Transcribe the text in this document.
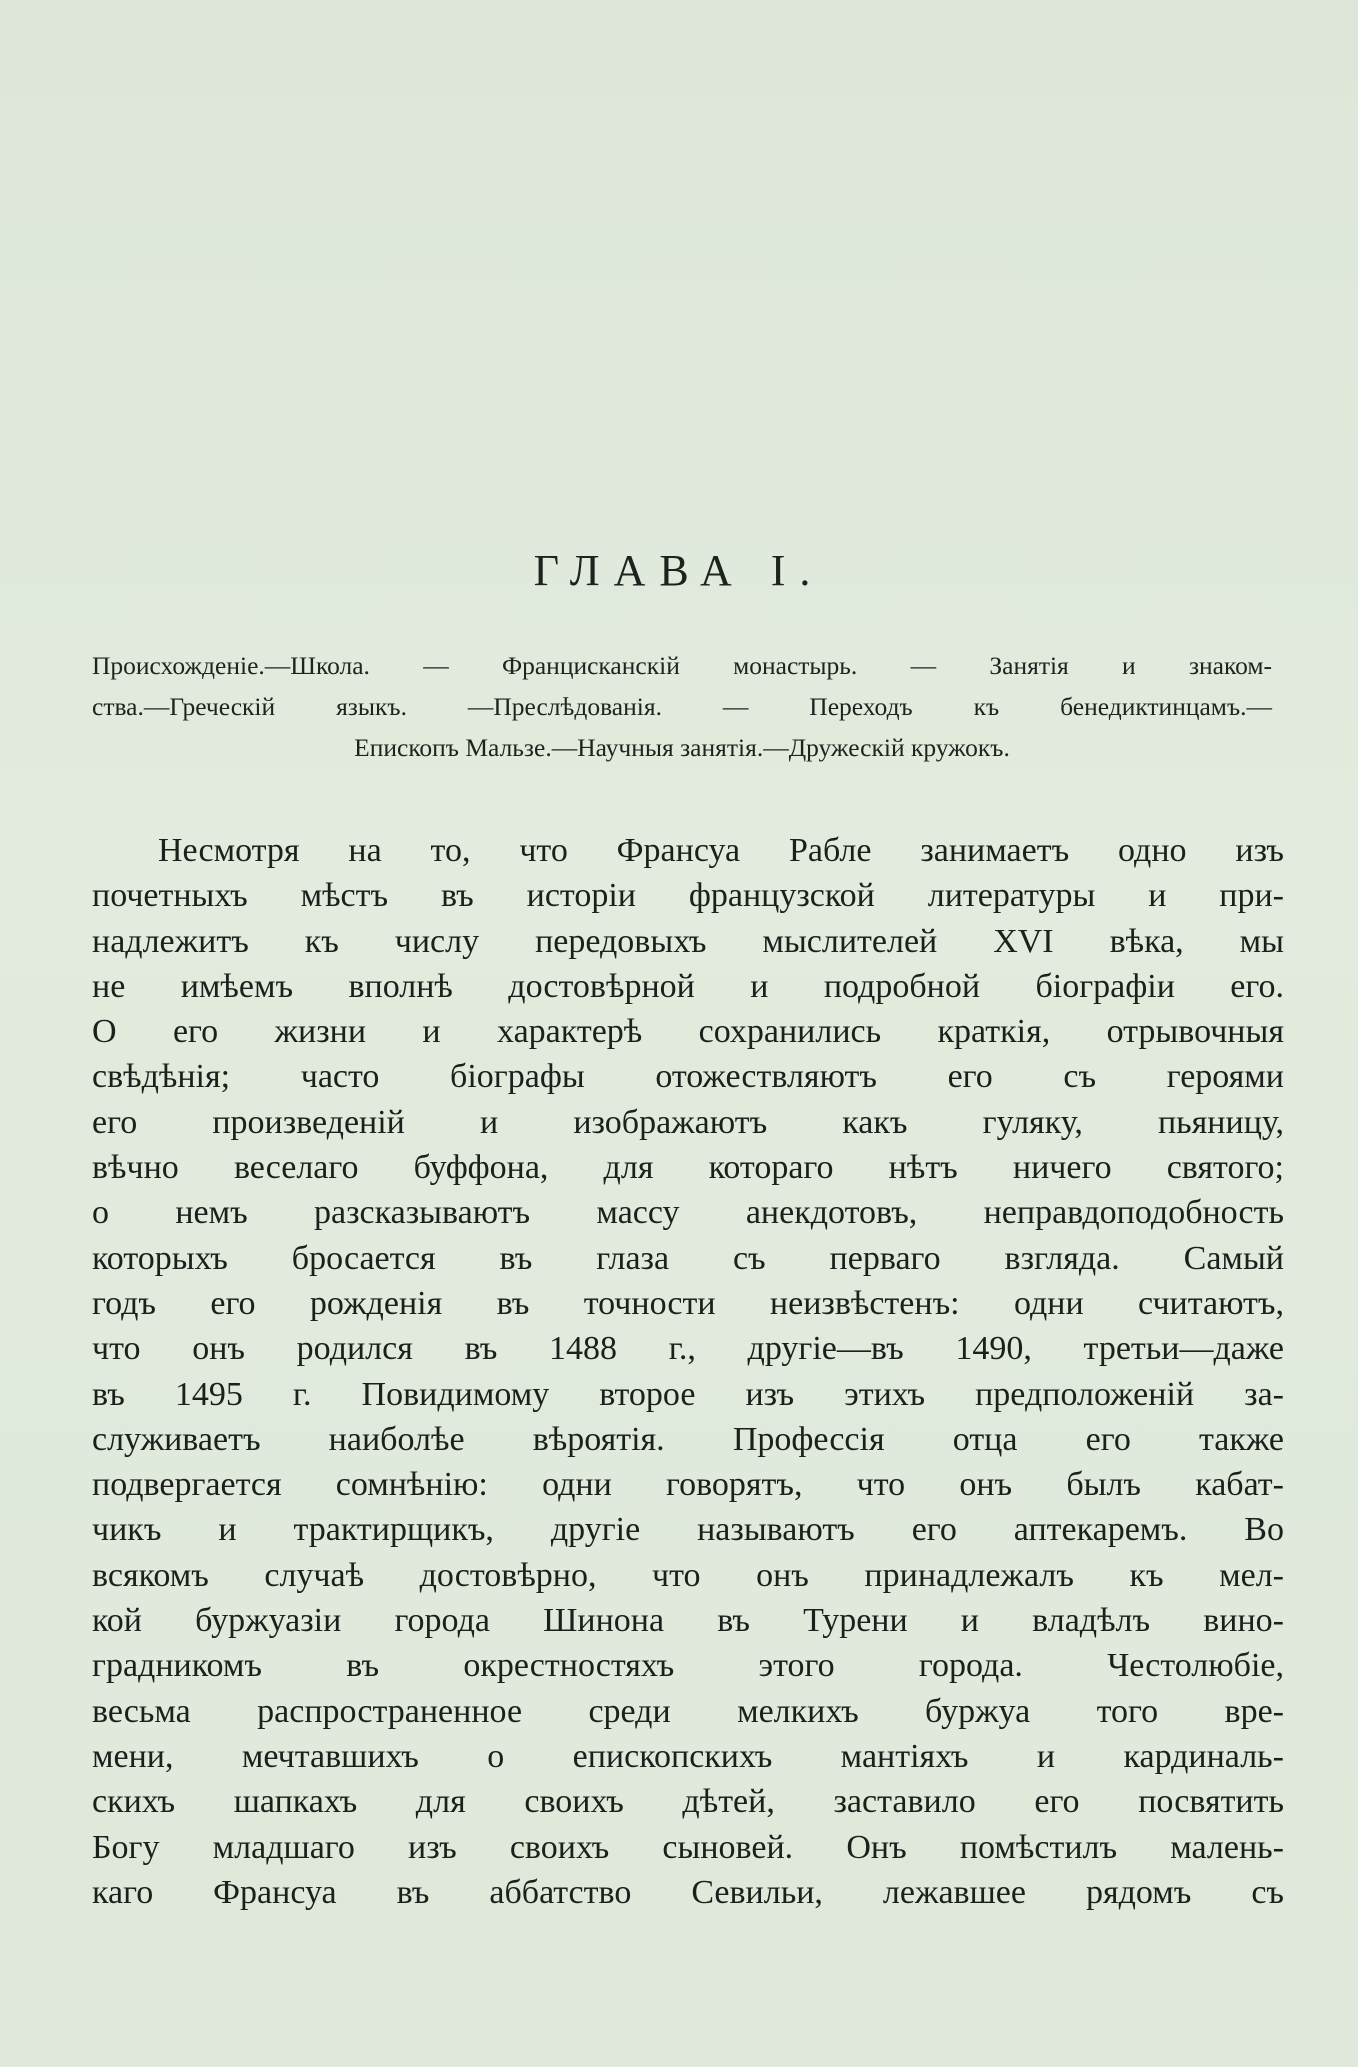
ГЛАВА I.
Происхожденіе.—Школа. — Францисканскій монастырь. — Занятія и знаком-
ства.—Греческій языкъ. —Преслѣдованія. — Переходъ къ бенедиктинцамъ.—
Епископъ Мальзе.—Научныя занятія.—Дружескій кружокъ.
Несмотря на то, что Франсуа Рабле занимаетъ одно изъ
почетныхъ мѣстъ въ исторіи французской литературы и при-
надлежитъ къ числу передовыхъ мыслителей XVI вѣка, мы
не имѣемъ вполнѣ достовѣрной и подробной біографіи его.
О его жизни и характерѣ сохранились краткія, отрывочныя
свѣдѣнія; часто біографы отожествляютъ его съ героями
его произведеній и изображаютъ какъ гуляку, пьяницу,
вѣчно веселаго буффона, для котораго нѣтъ ничего святого;
о немъ разсказываютъ массу анекдотовъ, неправдоподобность
которыхъ бросается въ глаза съ перваго взгляда. Самый
годъ его рожденія въ точности неизвѣстенъ: одни считаютъ,
что онъ родился въ 1488 г., другіе—въ 1490, третьи—даже
въ 1495 г. Повидимому второе изъ этихъ предположеній за-
служиваетъ наиболѣе вѣроятія. Профессія отца его также
подвергается сомнѣнію: одни говорятъ, что онъ былъ кабат-
чикъ и трактирщикъ, другіе называютъ его аптекаремъ. Во
всякомъ случаѣ достовѣрно, что онъ принадлежалъ къ мел-
кой буржуазіи города Шинона въ Турени и владѣлъ вино-
градникомъ въ окрестностяхъ этого города. Честолюбіе,
весьма распространенное среди мелкихъ буржуа того вре-
мени, мечтавшихъ о епископскихъ мантіяхъ и кардиналь-
скихъ шапкахъ для своихъ дѣтей, заставило его посвятить
Богу младшаго изъ своихъ сыновей. Онъ помѣстилъ малень-
каго Франсуа въ аббатство Севильи, лежавшее рядомъ съ
